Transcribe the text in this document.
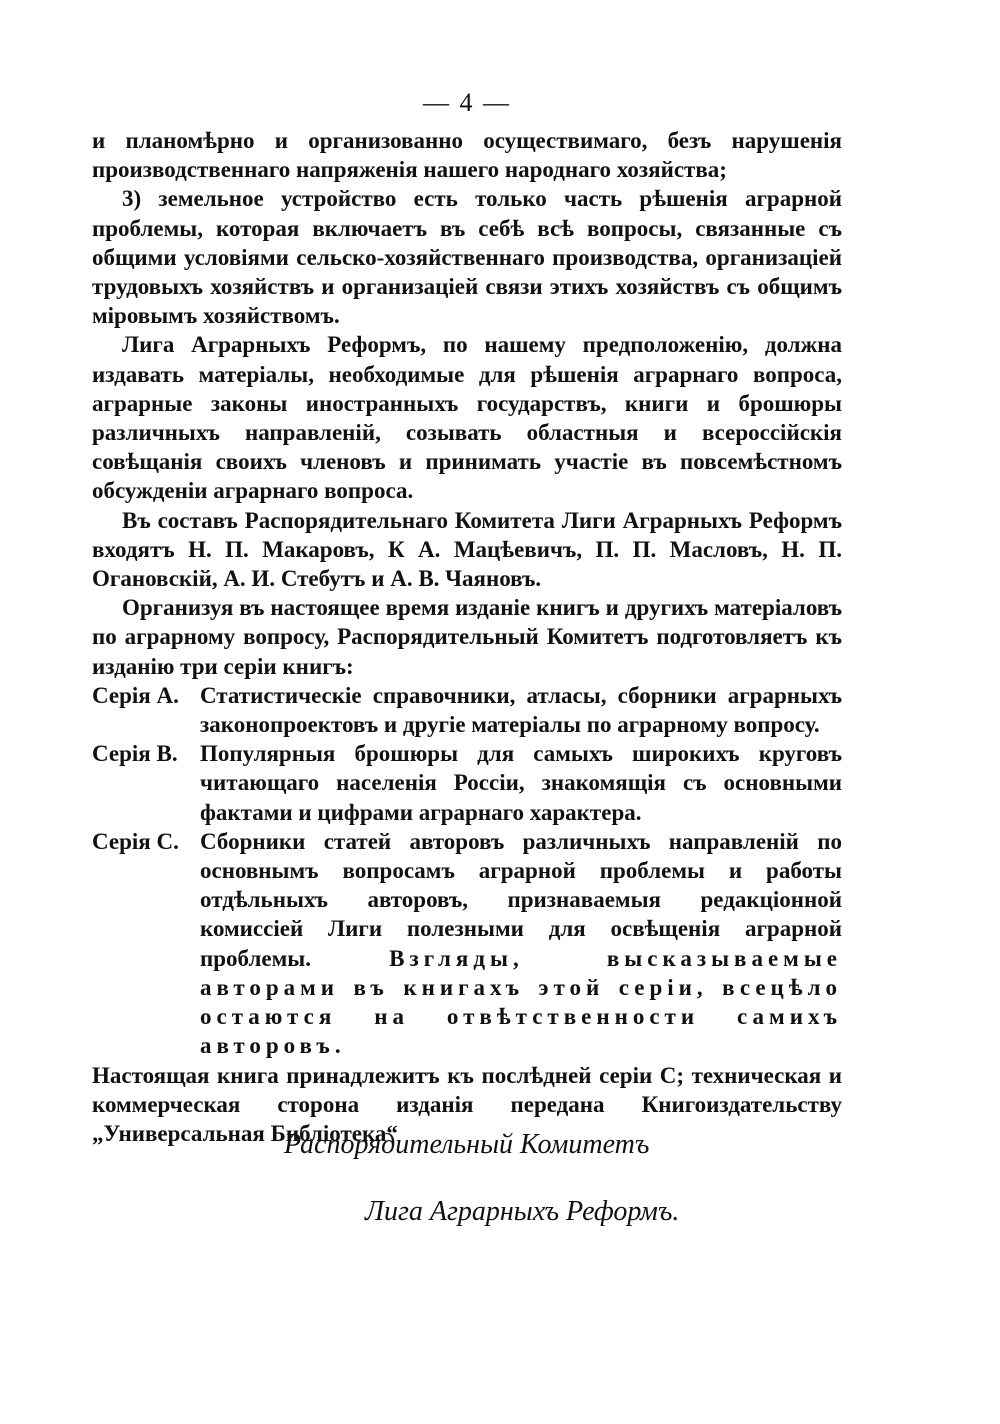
— 4 —

и планомѣрно и организованно осуществимаго, безъ нарушенія производственнаго напряженія нашего народнаго хозяйства;

3) земельное устройство есть только часть рѣшенія аграрной проблемы, которая включаетъ въ себѣ всѣ вопросы, связанные съ общими условіями сельско-хозяйственнаго производства, организаціей трудовыхъ хозяйствъ и организаціей связи этихъ хозяйствъ съ общимъ міровымъ хозяйствомъ.

Лига Аграрныхъ Реформъ, по нашему предположенію, должна издавать матеріалы, необходимые для рѣшенія аграрнаго вопроса, аграрные законы иностранныхъ государствъ, книги и брошюры различныхъ направленій, созывать областныя и всероссійскія совѣщанія своихъ членовъ и принимать участіе въ повсемѣстномъ обсужденіи аграрнаго вопроса.

Въ составъ Распорядительнаго Комитета Лиги Аграрныхъ Реформъ входятъ Н. П. Макаровъ, К А. Мацѣевичъ, П. П. Масловъ, Н. П. Огановскій, А. И. Стебутъ и А. В. Чаяновъ.

Организуя въ настоящее время изданіе книгъ и другихъ матеріаловъ по аграрному вопросу, Распорядительный Комитетъ подготовляетъ къ изданію три серіи книгъ:

Серія А. Статистическіе справочники, атласы, сборники аграрныхъ законопроектовъ и другіе матеріалы по аграрному вопросу.
Серія В. Популярныя брошюры для самыхъ широкихъ круговъ читающаго населенія Россіи, знакомящія съ основными фактами и цифрами аграрнаго характера.
Серія С. Сборники статей авторовъ различныхъ направленій по основнымъ вопросамъ аграрной проблемы и работы отдѣльныхъ авторовъ, признаваемыя редакціонной комиссіей Лиги полезными для освѣщенія аграрной проблемы.	Взгляды, высказываемые авторами въ книгахъ этой серіи, всецѣло остаются на отвѣтственности самихъ авторовъ.

Настоящая книга принадлежитъ къ послѣдней серіи С; техническая и коммерческая сторона изданія передана Книгоиздательству „Универсальная Библіотека“

Распорядительный Комитетъ
Лига Аграрныхъ Реформъ.
